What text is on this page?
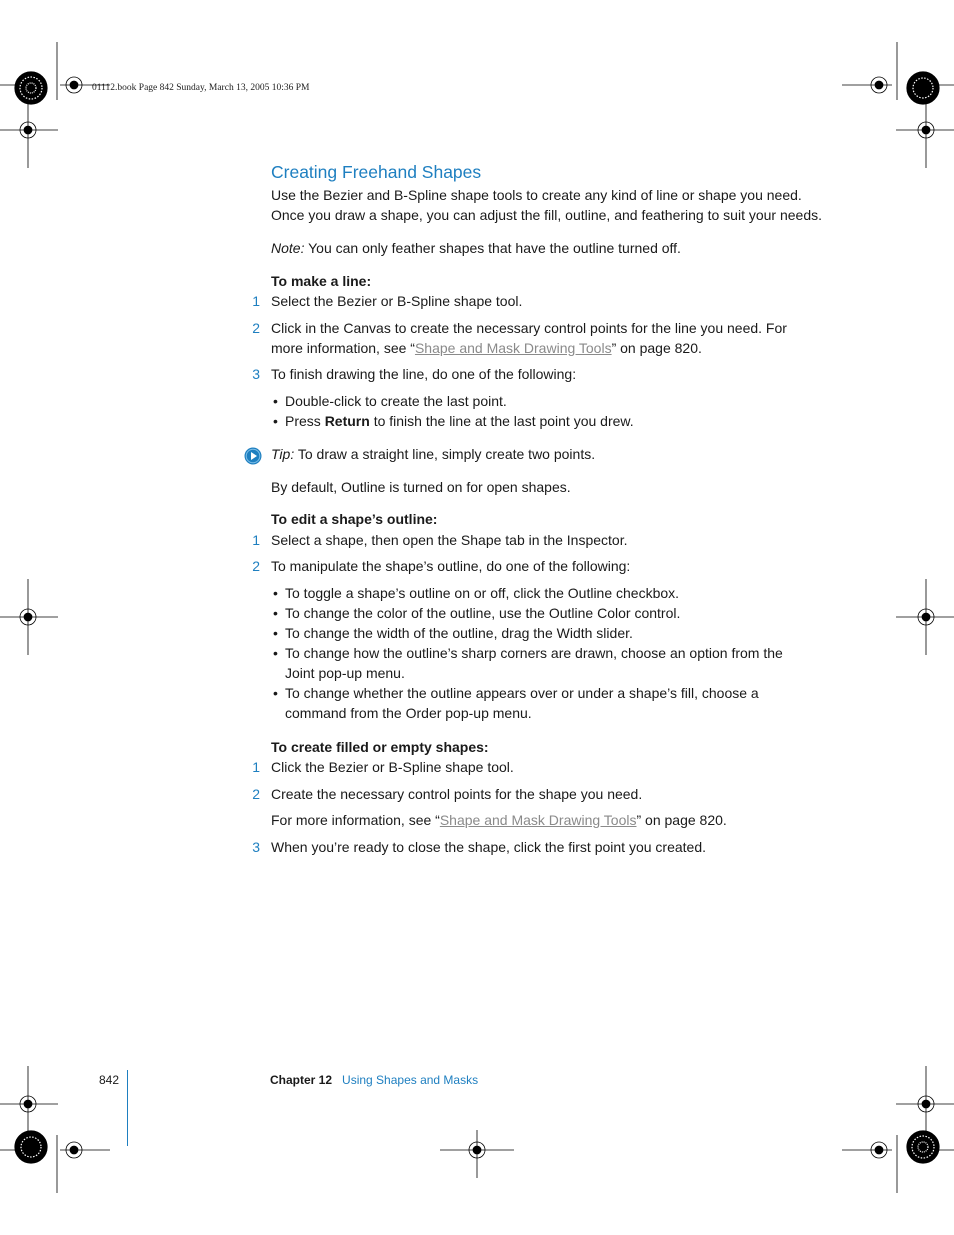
01112.book Page 842 Sunday, March 13, 2005 10:36 PM
Creating Freehand Shapes
Use the Bezier and B-Spline shape tools to create any kind of line or shape you need.
Once you draw a shape, you can adjust the fill, outline, and feathering to suit your needs.
Note: You can only feather shapes that have the outline turned off.
To make a line:
1 Select the Bezier or B-Spline shape tool.
2 Click in the Canvas to create the necessary control points for the line you need. For
more information, see “Shape and Mask Drawing Tools” on page 820.
3 To finish drawing the line, do one of the following:
• Double-click to create the last point.
• Press Return to finish the line at the last point you drew.
Tip: To draw a straight line, simply create two points.
By default, Outline is turned on for open shapes.
To edit a shape’s outline:
1 Select a shape, then open the Shape tab in the Inspector.
2 To manipulate the shape’s outline, do one of the following:
• To toggle a shape’s outline on or off, click the Outline checkbox.
• To change the color of the outline, use the Outline Color control.
• To change the width of the outline, drag the Width slider.
• To change how the outline’s sharp corners are drawn, choose an option from the Joint pop-up menu.
• To change whether the outline appears over or under a shape’s fill, choose a command from the Order pop-up menu.
To create filled or empty shapes:
1 Click the Bezier or B-Spline shape tool.
2 Create the necessary control points for the shape you need.
For more information, see “Shape and Mask Drawing Tools” on page 820.
3 When you’re ready to close the shape, click the first point you created.
842	Chapter 12 Using Shapes and Masks
